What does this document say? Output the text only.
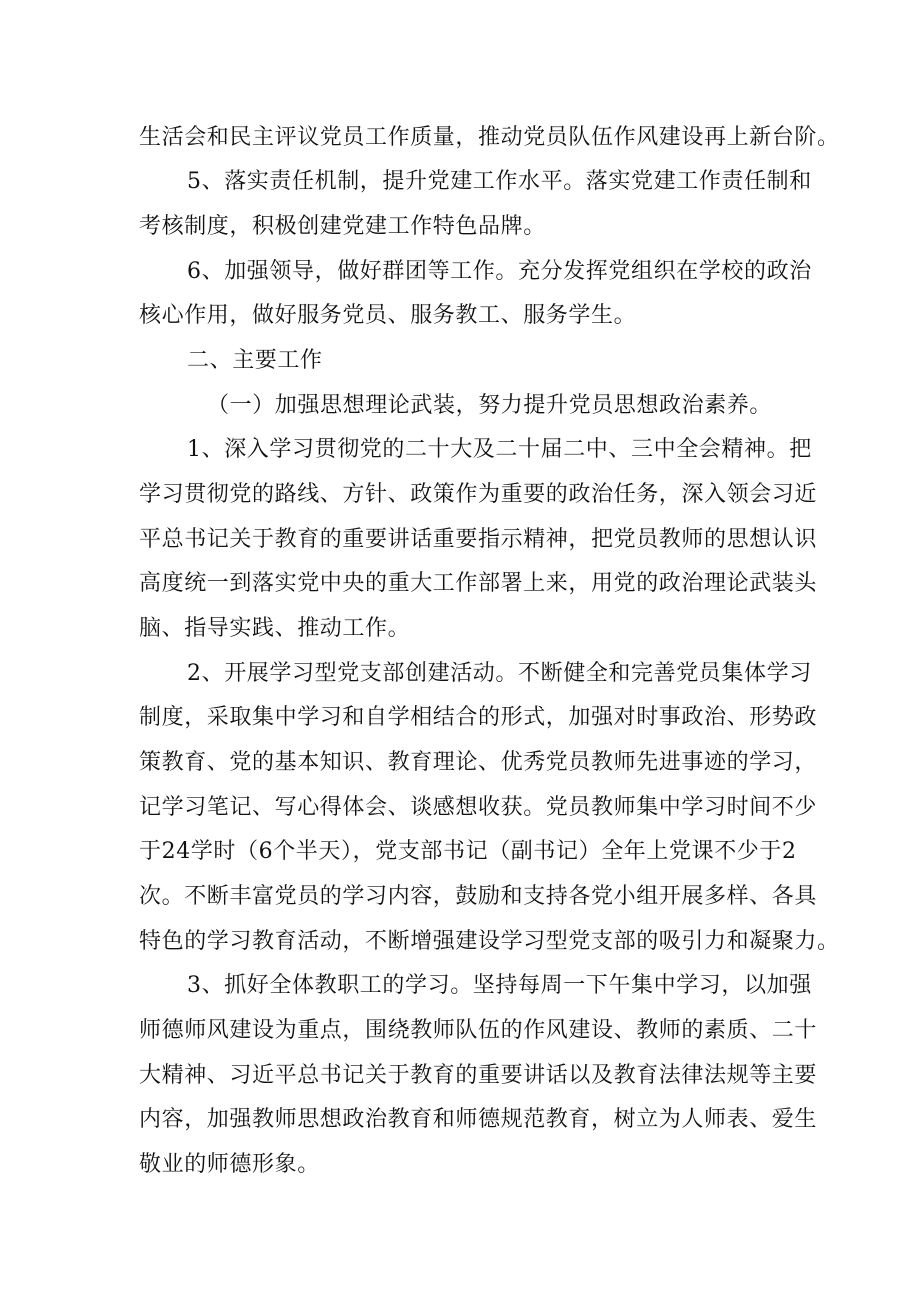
生活会和民主评议党员工作质量，推动党员队伍作风建设再上新台阶。
5、落实责任机制，提升党建工作水平。落实党建工作责任制和
考核制度，积极创建党建工作特色品牌。
6、加强领导，做好群团等工作。充分发挥党组织在学校的政治
核心作用，做好服务党员、服务教工、服务学生。
二、主要工作
（一）加强思想理论武装，努力提升党员思想政治素养。
1、深入学习贯彻党的二十大及二十届二中、三中全会精神。把
学习贯彻党的路线、方针、政策作为重要的政治任务，深入领会习近
平总书记关于教育的重要讲话重要指示精神，把党员教师的思想认识
高度统一到落实党中央的重大工作部署上来，用党的政治理论武装头
脑、指导实践、推动工作。
2、开展学习型党支部创建活动。不断健全和完善党员集体学习
制度，采取集中学习和自学相结合的形式，加强对时事政治、形势政
策教育、党的基本知识、教育理论、优秀党员教师先进事迹的学习，
记学习笔记、写心得体会、谈感想收获。党员教师集中学习时间不少
于24学时（6个半天），党支部书记（副书记）全年上党课不少于2
次。不断丰富党员的学习内容，鼓励和支持各党小组开展多样、各具
特色的学习教育活动，不断增强建设学习型党支部的吸引力和凝聚力。
3、抓好全体教职工的学习。坚持每周一下午集中学习，以加强
师德师风建设为重点，围绕教师队伍的作风建设、教师的素质、二十
大精神、习近平总书记关于教育的重要讲话以及教育法律法规等主要
内容，加强教师思想政治教育和师德规范教育，树立为人师表、爱生
敬业的师德形象。
